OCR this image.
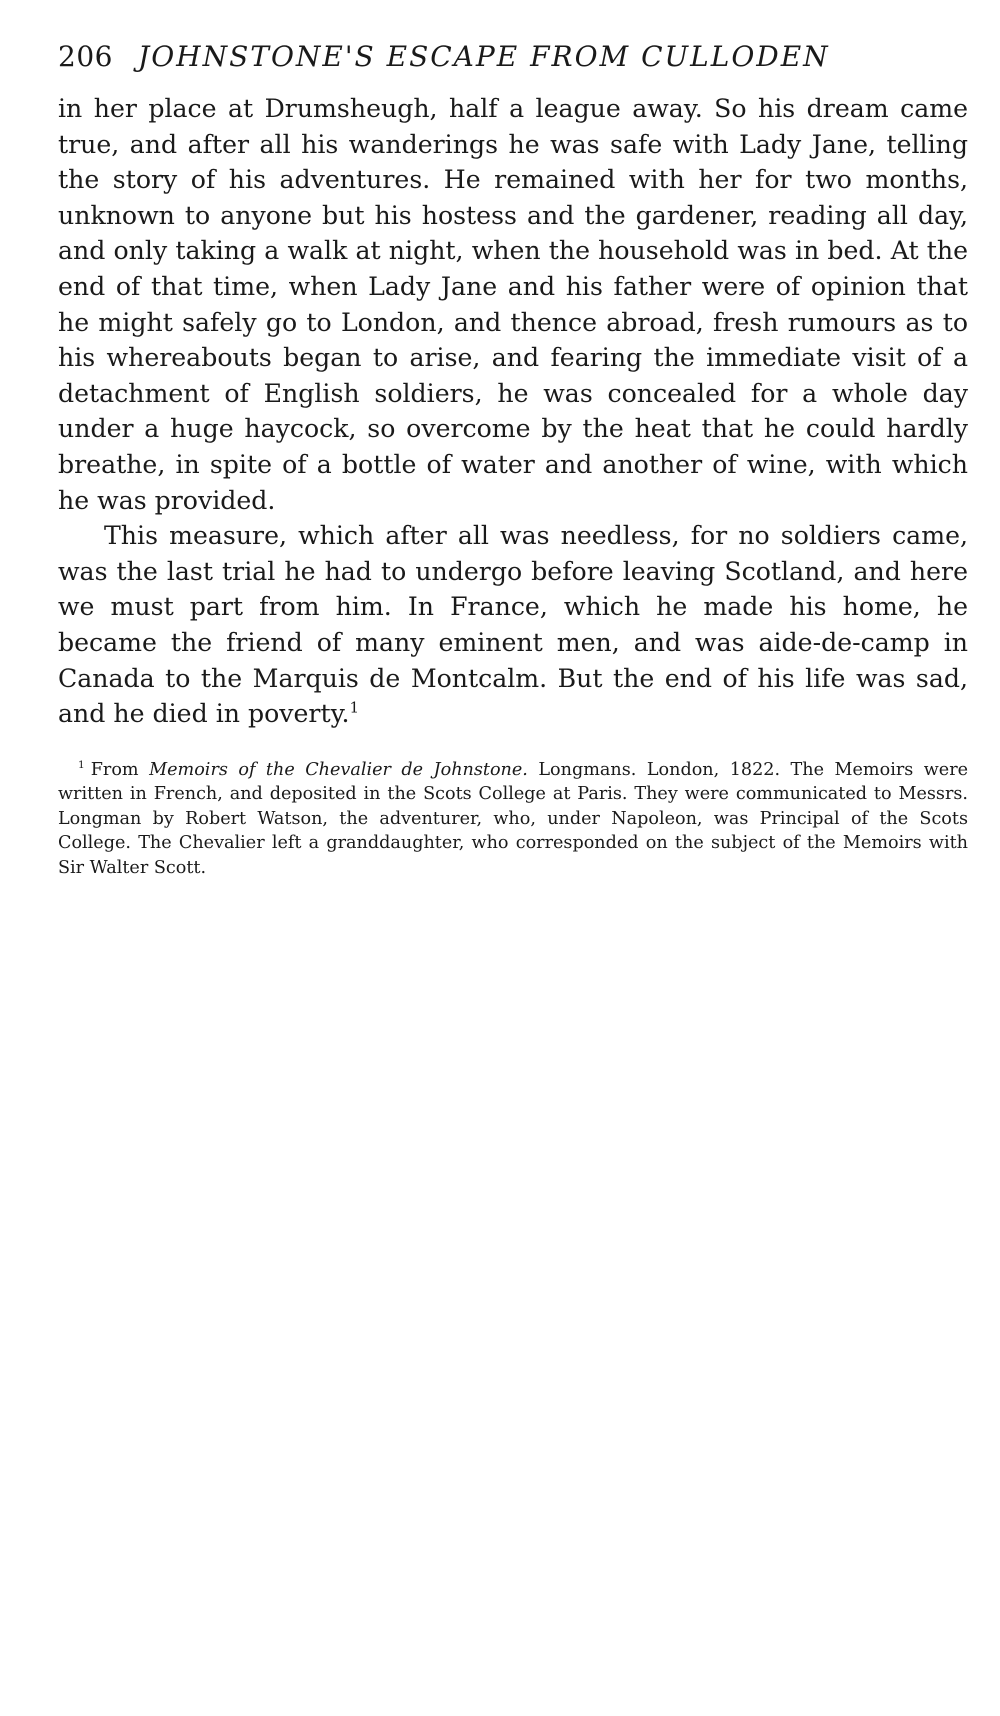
206 JOHNSTONE'S ESCAPE FROM CULLODEN

in her place at Drumsheugh, half a league away. So his dream came true, and after all his wanderings he was safe with Lady Jane, telling the story of his adventures. He remained with her for two months, unknown to anyone but his hostess and the gardener, reading all day, and only taking a walk at night, when the household was in bed. At the end of that time, when Lady Jane and his father were of opinion that he might safely go to London, and thence abroad, fresh rumours as to his whereabouts began to arise, and fearing the immediate visit of a detachment of English soldiers, he was concealed for a whole day under a huge haycock, so overcome by the heat that he could hardly breathe, in spite of a bottle of water and another of wine, with which he was provided.

This measure, which after all was needless, for no soldiers came, was the last trial he had to undergo before leaving Scotland, and here we must part from him. In France, which he made his home, he became the friend of many eminent men, and was aide-de-camp in Canada to the Marquis de Montcalm. But the end of his life was sad, and he died in poverty.$^1$

$^1$ From Memoirs of the Chevalier de Johnstone. Longmans. London, 1822. The Memoirs were written in French, and deposited in the Scots College at Paris. They were communicated to Messrs. Longman by Robert Watson, the adventurer, who, under Napoleon, was Principal of the Scots College. The Chevalier left a granddaughter, who corresponded on the subject of the Memoirs with Sir Walter Scott.
